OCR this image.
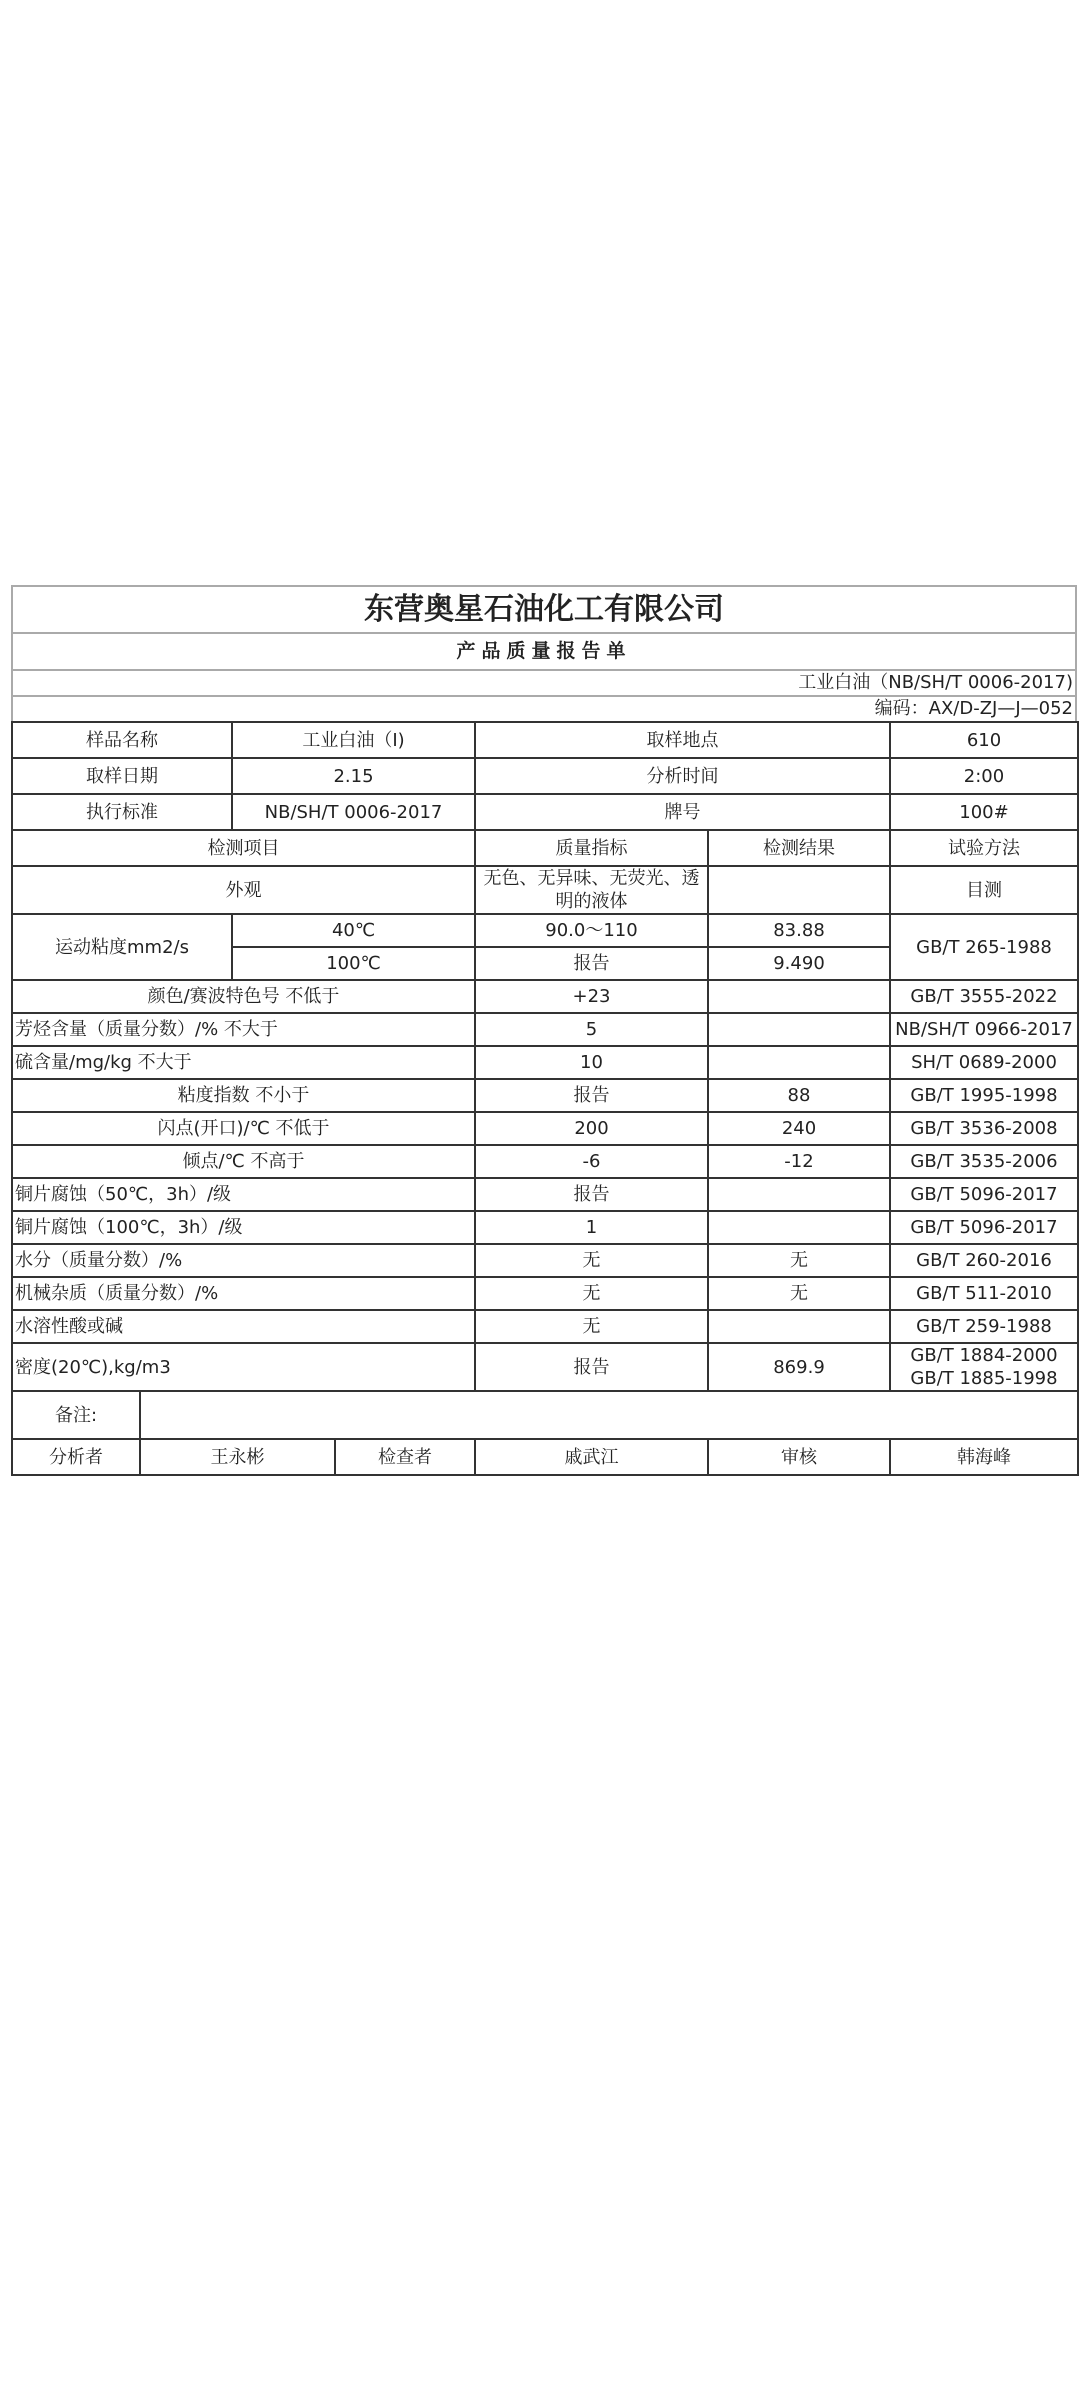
东营奥星石油化工有限公司
产品质量报告单
工业白油（NB/SH/T 0006-2017)
编码：AX/D-ZJ—J—052
样品名称		工业白油（I)		取样地点		610
取样日期		2.15		分析时间		2:00
执行标准		NB/SH/T 0006-2017		牌号		100#
检测项目				质量指标	检测结果	试验方法
外观				无色、无异味、无荧光、透明的液体		目测
运动粘度mm2/s		40℃		90.0～110	83.88	GB/T 265-1988
		100℃		报告	9.490	
颜色/赛波特色号 不低于				+23		GB/T 3555-2022
芳烃含量（质量分数）/% 不大于				5		NB/SH/T 0966-2017
硫含量/mg/kg 不大于				10		SH/T 0689-2000
粘度指数 不小于				报告	88	GB/T 1995-1998
闪点(开口)/℃ 不低于				200	240	GB/T 3536-2008
倾点/℃ 不高于				-6	-12	GB/T 3535-2006
铜片腐蚀（50℃，3h）/级				报告		GB/T 5096-2017
铜片腐蚀（100℃，3h）/级				1		GB/T 5096-2017
水分（质量分数）/%				无	无	GB/T 260-2016
机械杂质（质量分数）/%				无	无	GB/T 511-2010
水溶性酸或碱				无		GB/T 259-1988
密度(20℃),kg/m3				报告	869.9	GB/T 1884-2000 GB/T 1885-1998
备注:						
分析者	王永彬		检查者	戚武江	审核	韩海峰
